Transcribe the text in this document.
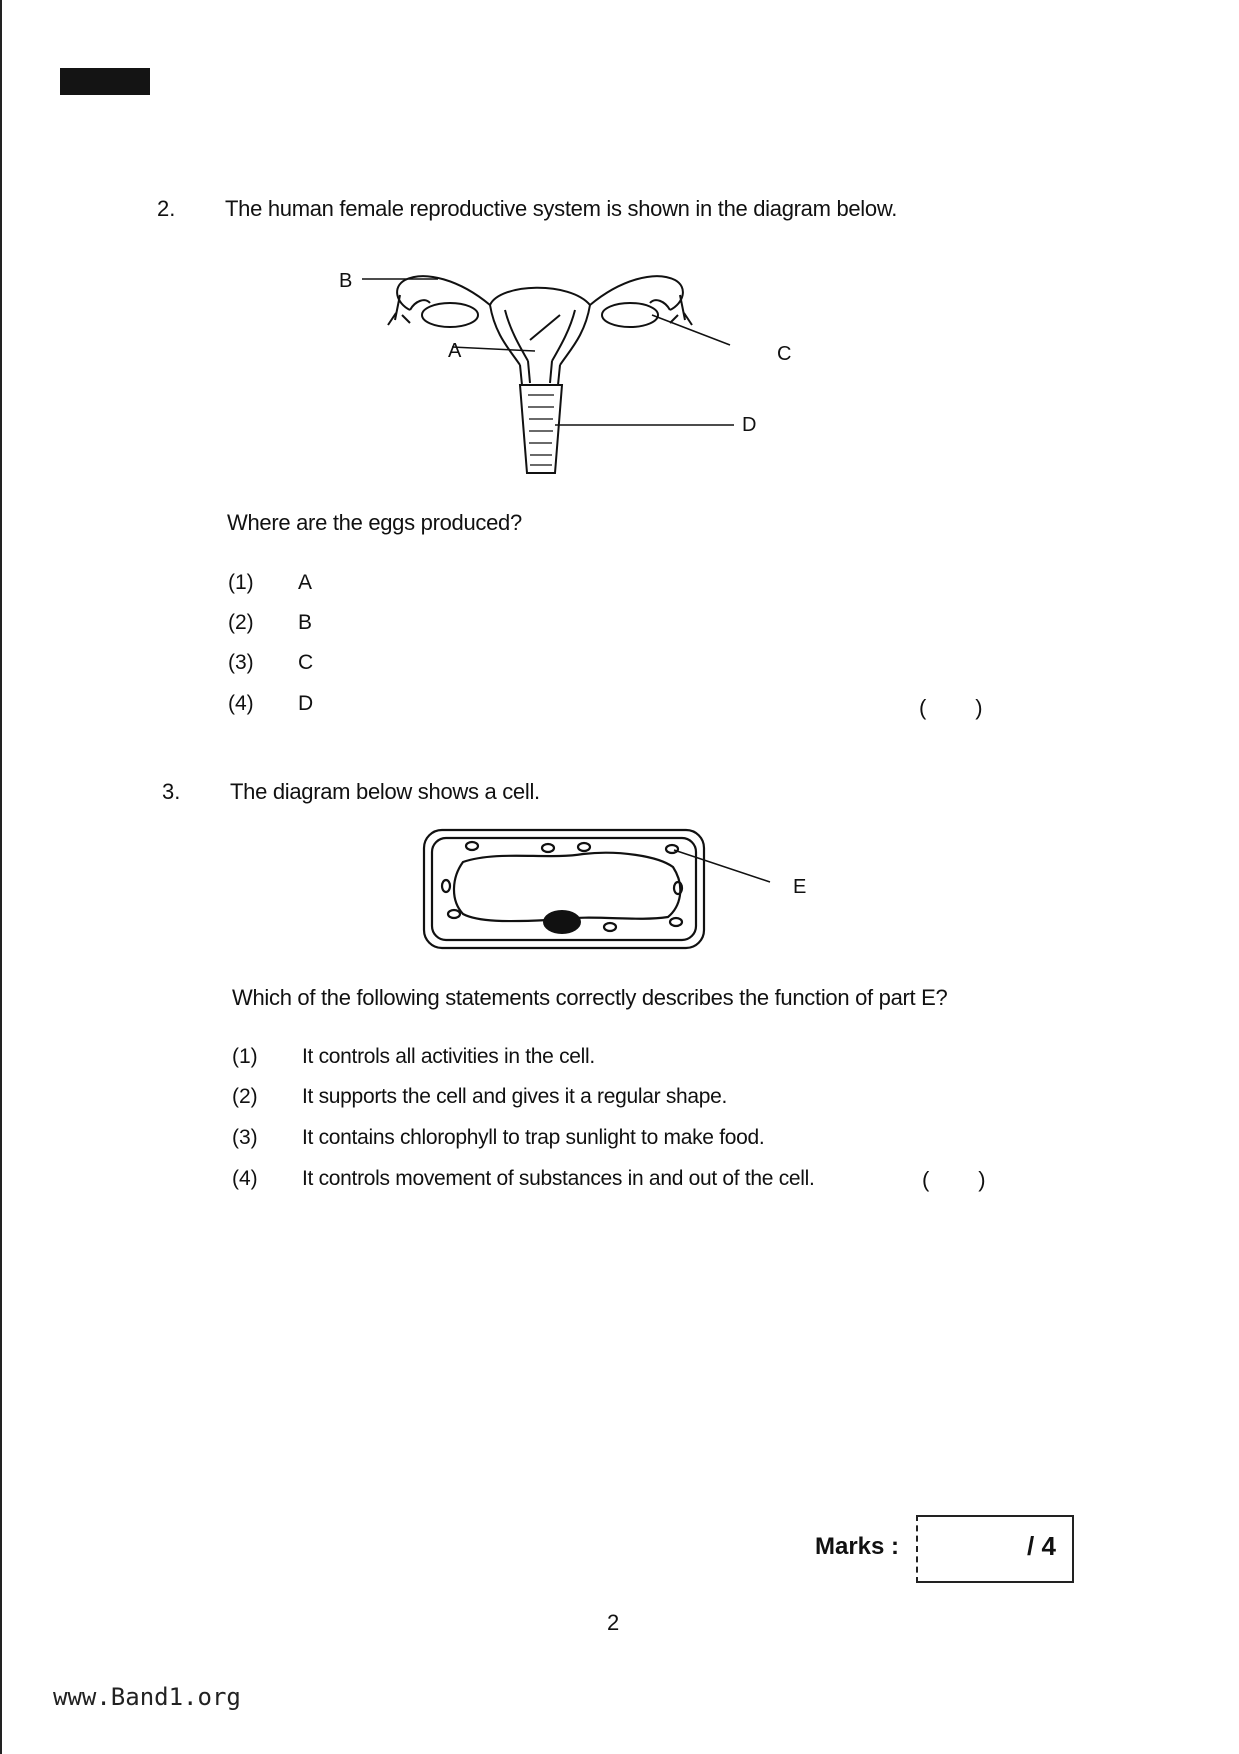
2. The human female reproductive system is shown in the diagram below.
B
A	C
D
Where are the eggs produced?
(1)	A
(2)	B
(3)	C
(4)	D	(        )
3. The diagram below shows a cell.
E
Which of the following statements correctly describes the function of part E?
(1)	It controls all activities in the cell.
(2)	It supports the cell and gives it a regular shape.
(3)	It contains chlorophyll to trap sunlight to make food.
(4)	It controls movement of substances in and out of the cell.	(        )
Marks :	/ 4
2
www.Band1.org
